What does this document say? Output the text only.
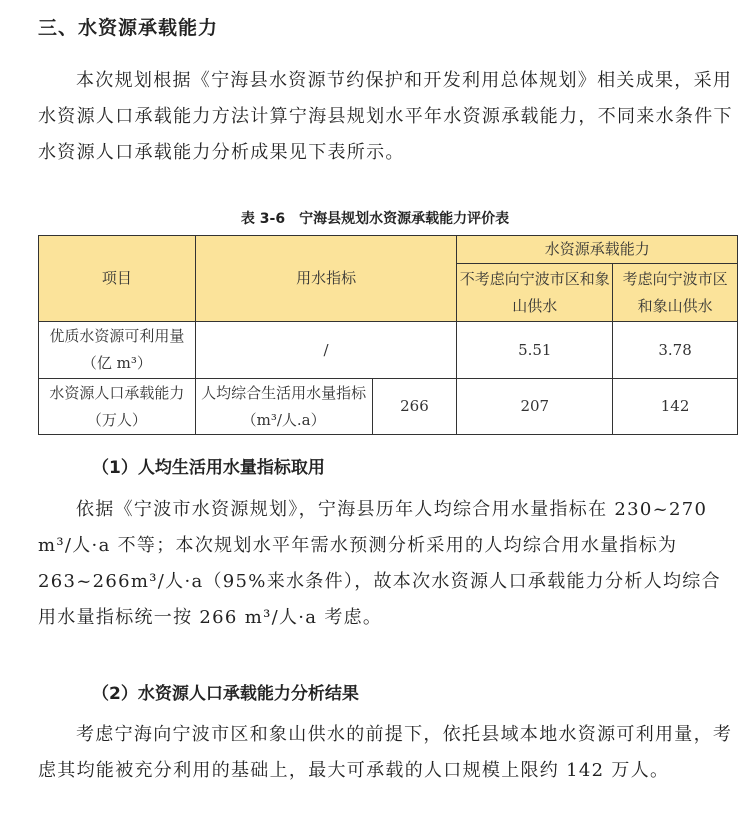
三、水资源承载能力

本次规划根据《宁海县水资源节约保护和开发利用总体规划》相关成果，采用水资源人口承载能力方法计算宁海县规划水平年水资源承载能力，不同来水条件下水资源人口承载能力分析成果见下表所示。

表 3-6　宁海县规划水资源承载能力评价表
项目	用水指标		水资源承载能力	
			不考虑向宁波市区和象山供水	考虑向宁波市区和象山供水
优质水资源可利用量（亿 m³）	/		5.51	3.78
水资源人口承载能力（万人）	人均综合生活用水量指标（m³/人.a）	266	207	142
（1）人均生活用水量指标取用

依据《宁波市水资源规划》，宁海县历年人均综合用水量指标在 230~270 m³/人·a 不等；本次规划水平年需水预测分析采用的人均综合用水量指标为 263~266m³/人·a（95%来水条件），故本次水资源人口承载能力分析人均综合用水量指标统一按 266 m³/人·a 考虑。

（2）水资源人口承载能力分析结果

考虑宁海向宁波市区和象山供水的前提下，依托县域本地水资源可利用量，考虑其均能被充分利用的基础上，最大可承载的人口规模上限约 142 万人。
